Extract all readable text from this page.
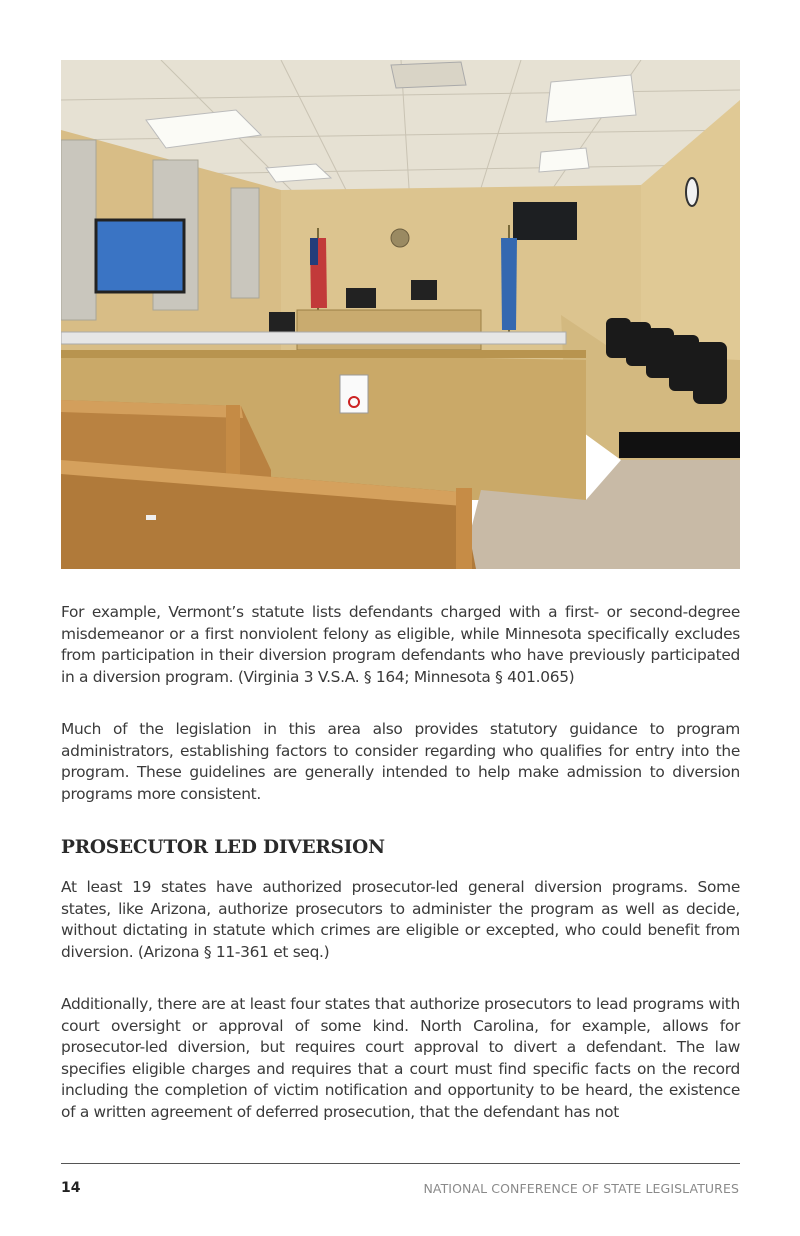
For example, Vermont’s statute lists defendants charged with a first- or second-degree misdemeanor or a first nonviolent felony as eligible, while Minnesota specifically excludes from participation in their diversion program defendants who have previously participated in a diversion program. (Virginia 3 V.S.A. § 164; Minnesota § 401.065)

Much of the legislation in this area also provides statutory guidance to program administrators, establishing factors to consider regarding who qualifies for entry into the program. These guidelines are generally intended to help make admission to diversion programs more consistent.

PROSECUTOR LED DIVERSION

At least 19 states have authorized prosecutor-led general diversion programs. Some states, like Arizona, authorize prosecutors to administer the program as well as decide, without dictating in statute which crimes are eligible or excepted, who could benefit from diversion. (Arizona § 11-361 et seq.)

Additionally, there are at least four states that authorize prosecutors to lead programs with court oversight or approval of some kind. North Carolina, for example, allows for prosecutor-led diversion, but requires court approval to divert a defendant. The law specifies eligible charges and requires that a court must find specific facts on the record including the completion of victim notification and opportunity to be heard, the existence of a written agreement of deferred prosecution, that the defendant has not

14	NATIONAL CONFERENCE OF STATE LEGISLATURES
